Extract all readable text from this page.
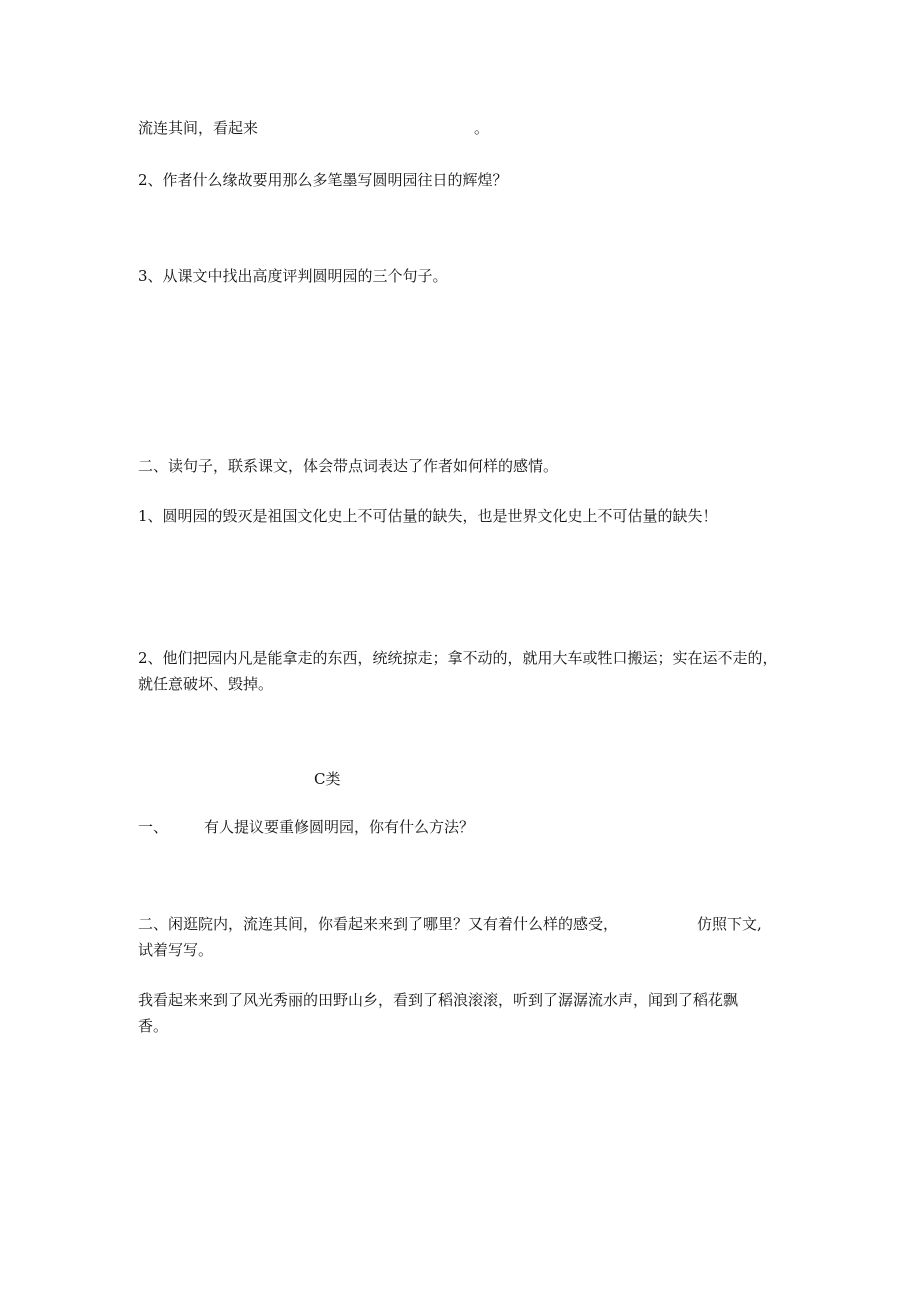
流连其间，看起来	。
2、作者什么缘故要用那么多笔墨写圆明园往日的辉煌？
3、从课文中找出高度评判圆明园的三个句子。
二、读句子，联系课文，体会带点词表达了作者如何样的感情。
1、圆明园的毁灭是祖国文化史上不可估量的缺失，也是世界文化史上不可估量的缺失！
2、他们把园内凡是能拿走的东西，统统掠走；拿不动的，就用大车或牲口搬运；实在运不走的，
就任意破坏、毁掉。
C类
一、 有人提议要重修圆明园，你有什么方法？
二、闲逛院内，流连其间，你看起来来到了哪里？又有着什么样的感受，	仿照下文,
试着写写。
我看起来来到了风光秀丽的田野山乡，看到了稻浪滚滚，听到了潺潺流水声，闻到了稻花飘
香。
